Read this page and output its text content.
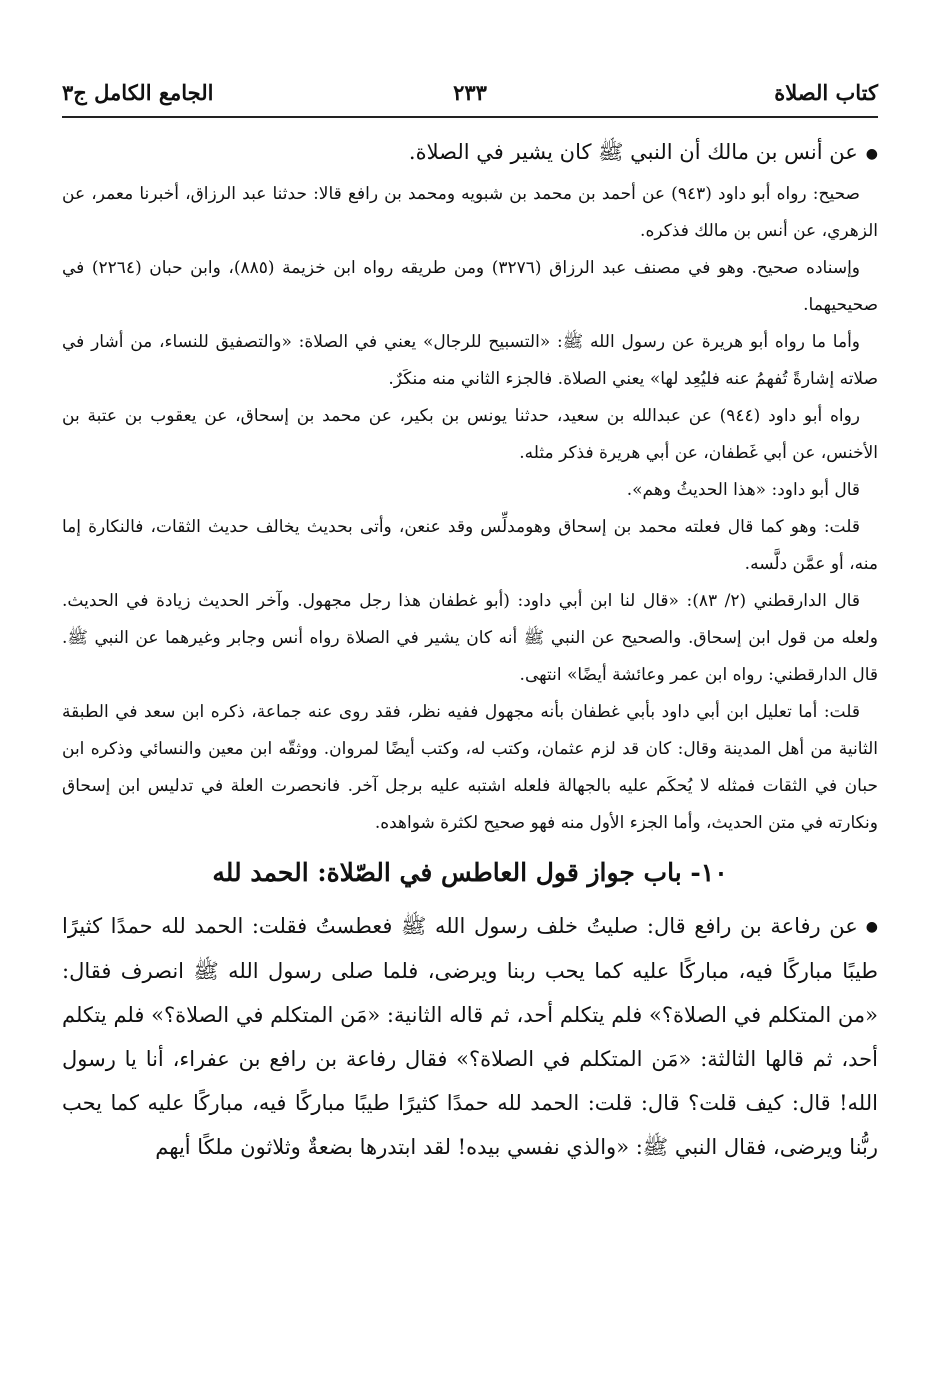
كتاب الصلاة
٢٣٣
الجامع الكامل ج٣

●عن أنس بن مالك أن النبي ﷺ كان يشير في الصلاة.

صحيح: رواه أبو داود (٩٤٣) عن أحمد بن محمد بن شبويه ومحمد بن رافع قالا: حدثنا عبد الرزاق، أخبرنا معمر، عن الزهري، عن أنس بن مالك فذكره.

وإسناده صحيح. وهو في مصنف عبد الرزاق (٣٢٧٦) ومن طريقه رواه ابن خزيمة (٨٨٥)، وابن حبان (٢٢٦٤) في صحيحيهما.

وأما ما رواه أبو هريرة عن رسول الله ﷺ: «التسبيح للرجال» يعني في الصلاة: «والتصفيق للنساء، من أشار في صلاته إشارةً تُفهمُ عنه فليُعِد لها» يعني الصلاة. فالجزء الثاني منه منكَرٌ.

رواه أبو داود (٩٤٤) عن عبدالله بن سعيد، حدثنا يونس بن بكير، عن محمد بن إسحاق، عن يعقوب بن عتبة بن الأخنس، عن أبي غَطفان، عن أبي هريرة فذكر مثله.

قال أبو داود: «هذا الحديثُ وهم».

قلت: وهو كما قال فعلته محمد بن إسحاق وهومدلِّس وقد عنعن، وأتى بحديث يخالف حديث الثقات، فالنكارة إما منه، أو عمَّن دلَّسه.

قال الدارقطني (٢/ ٨٣): «قال لنا ابن أبي داود: (أبو غطفان هذا رجل مجهول. وآخر الحديث زيادة في الحديث. ولعله من قول ابن إسحاق. والصحيح عن النبي ﷺ أنه كان يشير في الصلاة رواه أنس وجابر وغيرهما عن النبي ﷺ. قال الدارقطني: رواه ابن عمر وعائشة أيضًا» انتهى.

قلت: أما تعليل ابن أبي داود بأبي غطفان بأنه مجهول ففيه نظر، فقد روى عنه جماعة، ذكره ابن سعد في الطبقة الثانية من أهل المدينة وقال: كان قد لزم عثمان، وكتب له، وكتب أيضًا لمروان. ووثقّه ابن معين والنسائي وذكره ابن حبان في الثقات فمثله لا يُحكَم عليه بالجهالة فلعله اشتبه عليه برجل آخر. فانحصرت العلة في تدليس ابن إسحاق ونكارته في متن الحديث، وأما الجزء الأول منه فهو صحيح لكثرة شواهده.

١٠- باب جواز قول العاطس في الصّلاة: الحمد لله

●عن رفاعة بن رافع قال: صليتُ خلف رسول الله ﷺ فعطستُ فقلت: الحمد لله حمدًا كثيرًا طيبًا مباركًا فيه، مباركًا عليه كما يحب ربنا ويرضى، فلما صلى رسول الله ﷺ انصرف فقال: «من المتكلم في الصلاة؟» فلم يتكلم أحد، ثم قاله الثانية: «مَن المتكلم في الصلاة؟» فلم يتكلم أحد، ثم قالها الثالثة: «مَن المتكلم في الصلاة؟» فقال رفاعة بن رافع بن عفراء، أنا يا رسول الله! قال: كيف قلت؟ قال: قلت: الحمد لله حمدًا كثيرًا طيبًا مباركًا فيه، مباركًا عليه كما يحب ربُّنا ويرضى، فقال النبي ﷺ: «والذي نفسي بيده! لقد ابتدرها بضعةٌ وثلاثون ملكًا أيهم
